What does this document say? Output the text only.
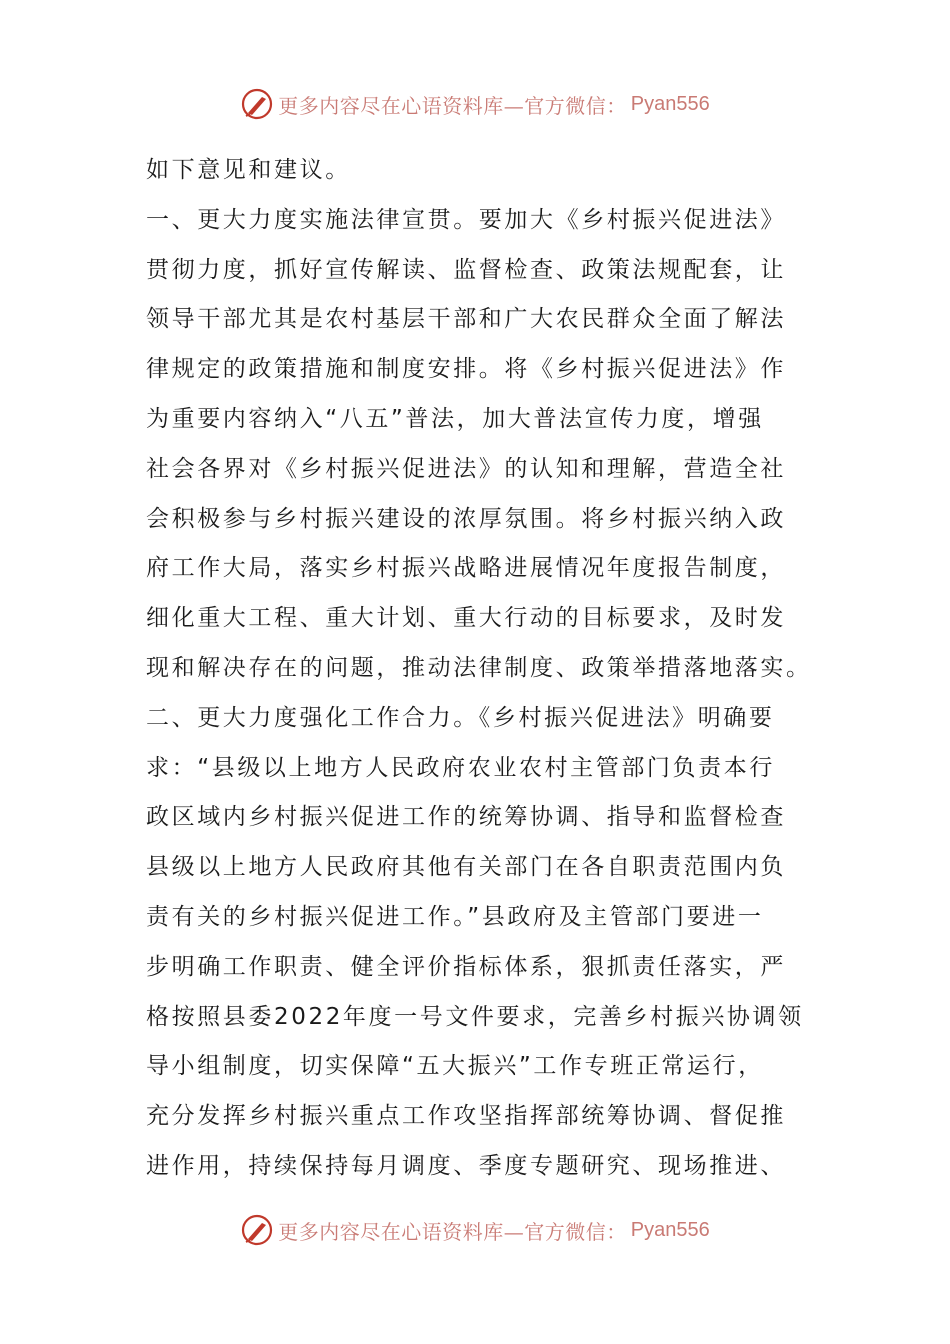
更多内容尽在心语资料库—官方微信： Pyan556
如下意见和建议。
一、更大力度实施法律宣贯。要加大《乡村振兴促进法》
贯彻力度，抓好宣传解读、监督检查、政策法规配套，让
领导干部尤其是农村基层干部和广大农民群众全面了解法
律规定的政策措施和制度安排。将《乡村振兴促进法》作
为重要内容纳入“八五”普法，加大普法宣传力度，增强
社会各界对《乡村振兴促进法》的认知和理解，营造全社
会积极参与乡村振兴建设的浓厚氛围。将乡村振兴纳入政
府工作大局，落实乡村振兴战略进展情况年度报告制度，
细化重大工程、重大计划、重大行动的目标要求，及时发
现和解决存在的问题，推动法律制度、政策举措落地落实。
二、更大力度强化工作合力。《乡村振兴促进法》明确要
求：“县级以上地方人民政府农业农村主管部门负责本行
政区域内乡村振兴促进工作的统筹协调、指导和监督检查
县级以上地方人民政府其他有关部门在各自职责范围内负
责有关的乡村振兴促进工作。”县政府及主管部门要进一
步明确工作职责、健全评价指标体系，狠抓责任落实，严
格按照县委2022年度一号文件要求，完善乡村振兴协调领
导小组制度，切实保障“五大振兴”工作专班正常运行，
充分发挥乡村振兴重点工作攻坚指挥部统筹协调、督促推
进作用，持续保持每月调度、季度专题研究、现场推进、
更多内容尽在心语资料库—官方微信： Pyan556
